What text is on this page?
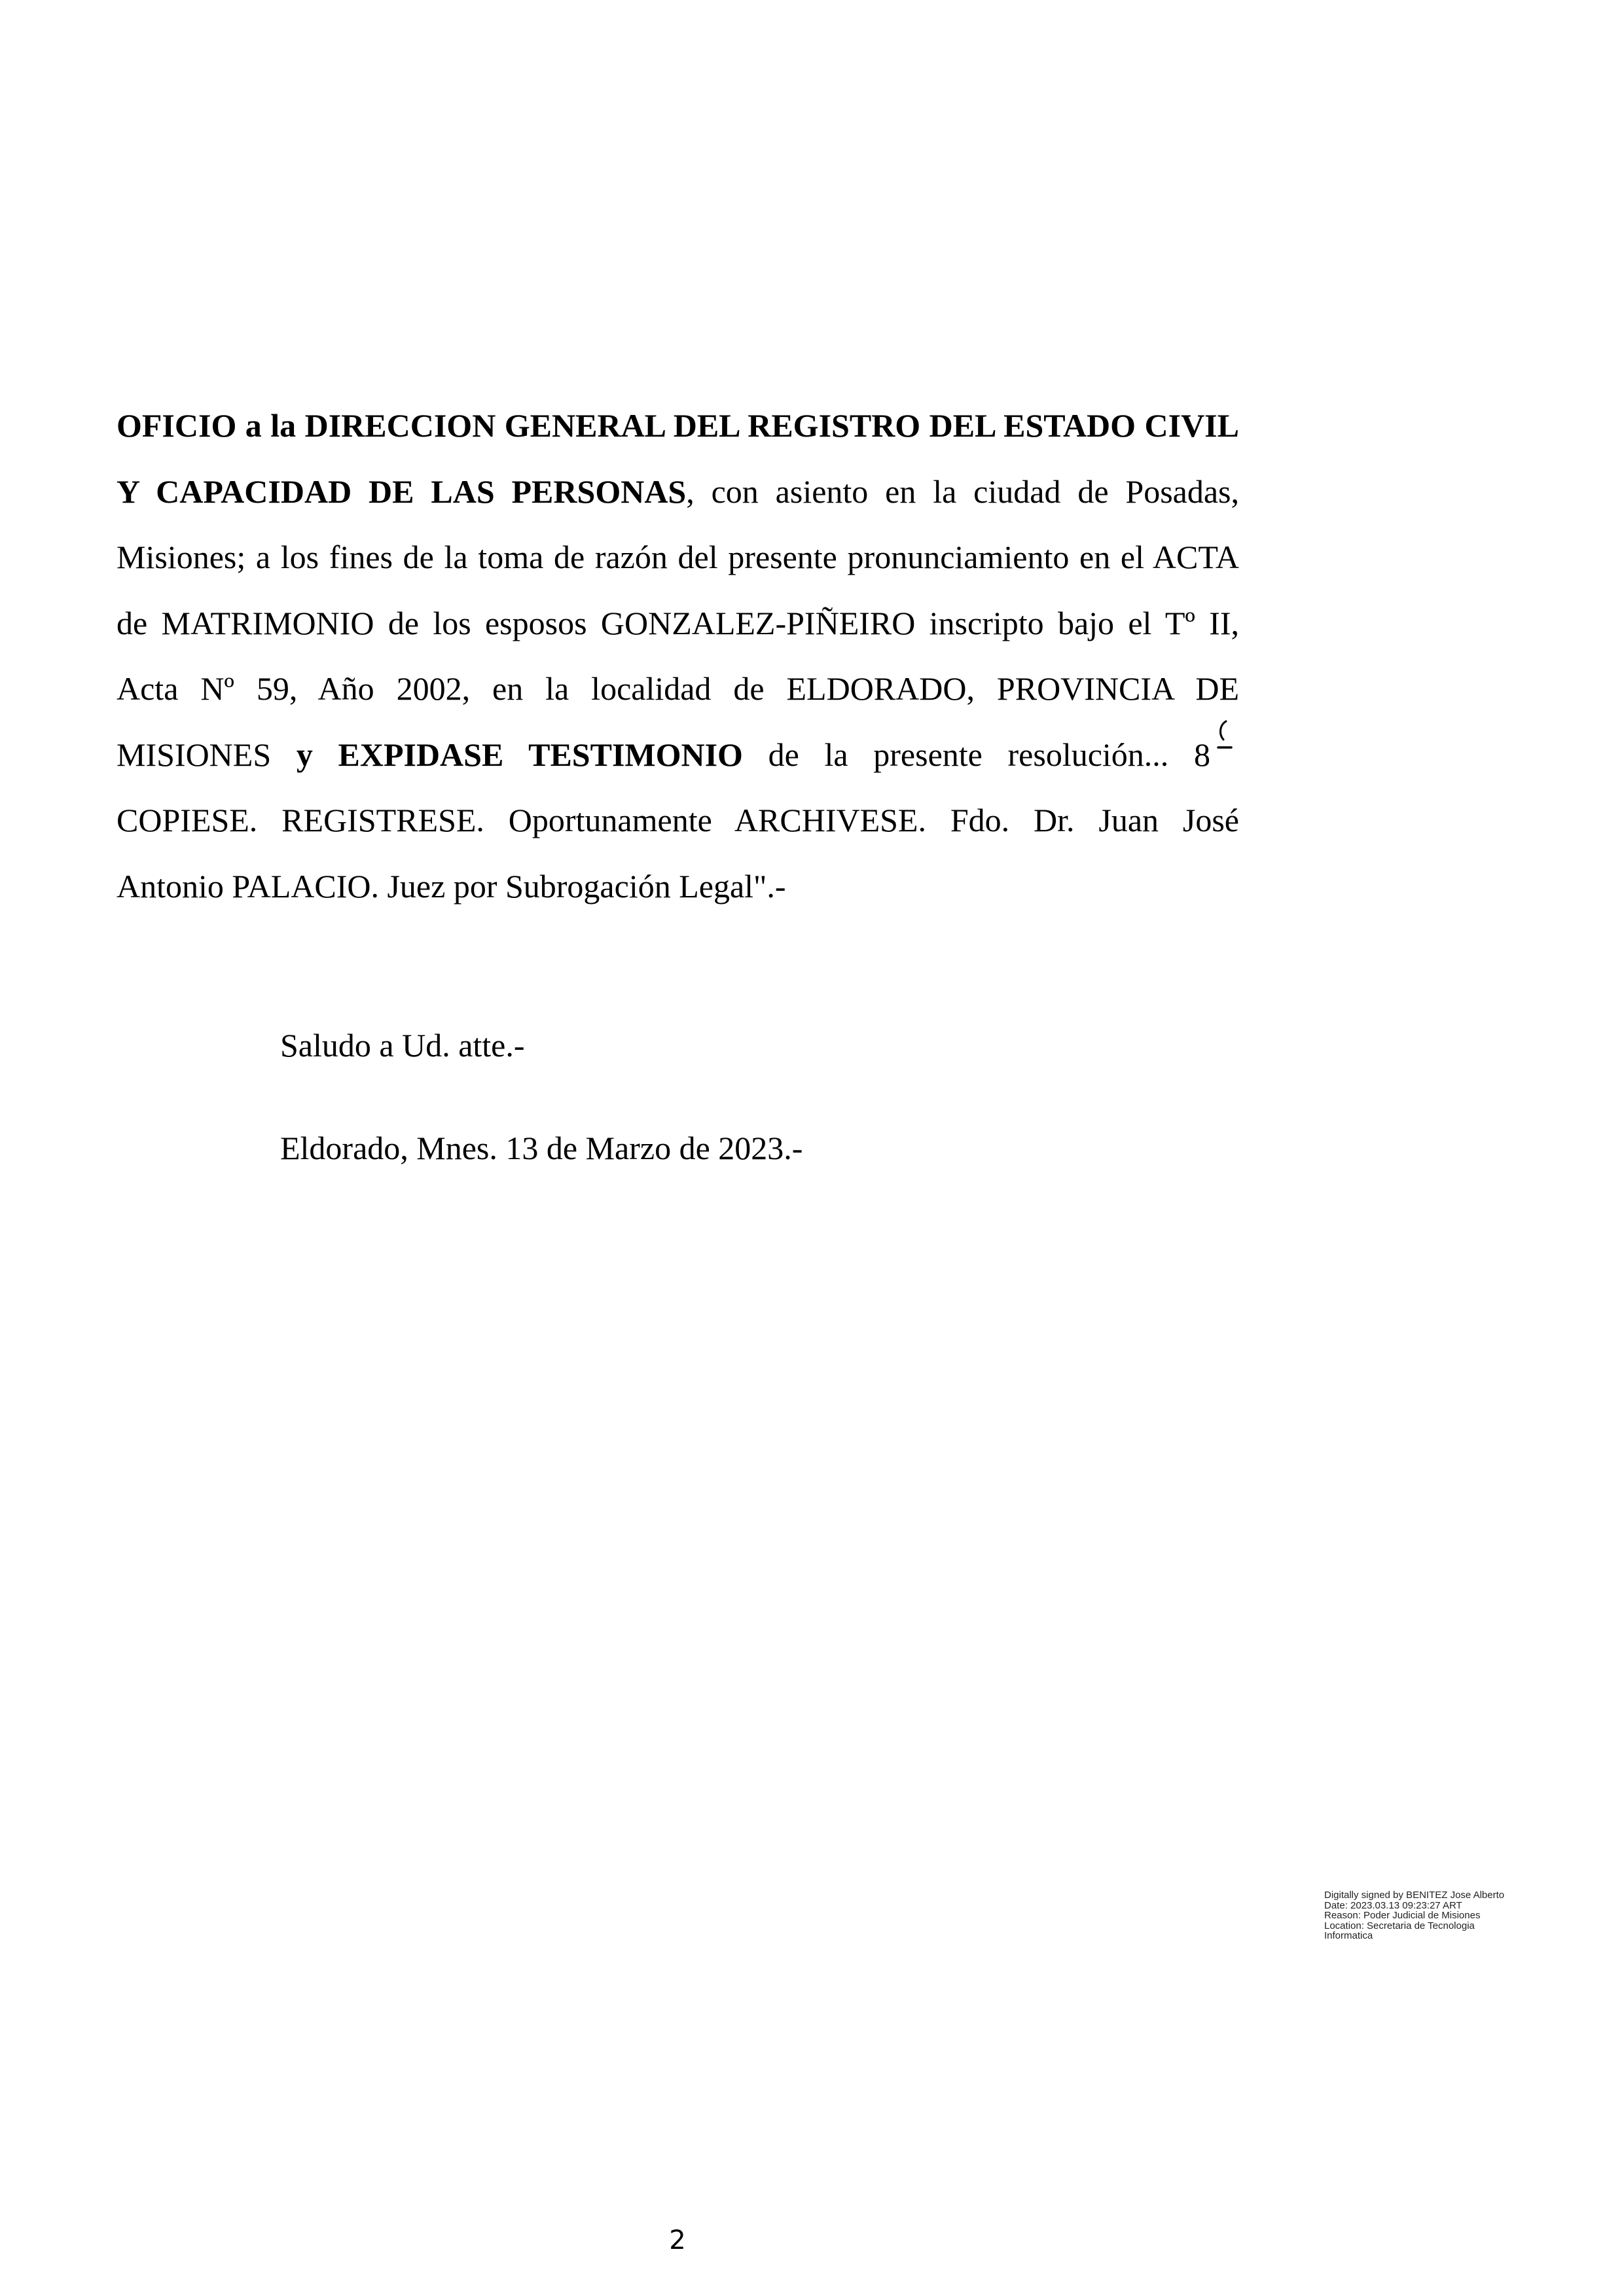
OFICIO a la DIRECCION GENERAL DEL REGISTRO DEL ESTADO CIVIL Y CAPACIDAD DE LAS PERSONAS, con asiento en la ciudad de Posadas, Misiones; a los fines de la toma de razón del presente pronunciamiento en el ACTA de MATRIMONIO de los esposos GONZALEZ-PIÑEIRO inscripto bajo el Tº II, Acta Nº 59, Año 2002, en la localidad de ELDORADO, PROVINCIA DE MISIONES y EXPIDASE TESTIMONIO de la presente resolución... 8
COPIESE. REGISTRESE. Oportunamente ARCHIVESE. Fdo. Dr. Juan José Antonio PALACIO. Juez por Subrogación Legal".-

Saludo a Ud. atte.-

Eldorado, Mnes. 13 de Marzo de 2023.-

Digitally signed by BENITEZ Jose Alberto
Date: 2023.03.13 09:23:27 ART
Reason: Poder Judicial de Misiones
Location: Secretaria de Tecnologia
Informatica
2
